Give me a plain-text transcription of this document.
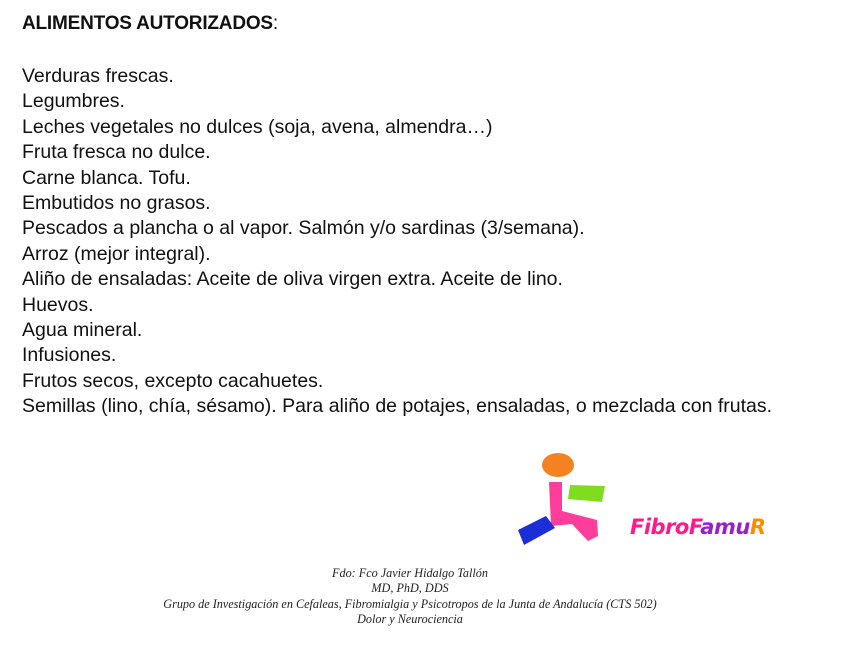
ALIMENTOS AUTORIZADOS:
Verduras frescas.
Legumbres.
Leches vegetales no dulces (soja, avena, almendra…)
Fruta fresca no dulce.
Carne blanca. Tofu.
Embutidos no grasos.
Pescados a plancha o al vapor. Salmón y/o sardinas (3/semana).
Arroz (mejor integral).
Aliño de ensaladas: Aceite de oliva virgen extra. Aceite de lino.
Huevos.
Agua mineral.
Infusiones.
Frutos secos, excepto cacahuetes.
Semillas (lino, chía, sésamo). Para aliño de potajes, ensaladas, o mezclada con frutas.
FibroFamuR
Fdo: Fco Javier Hidalgo Tallón
MD, PhD, DDS
Grupo de Investigación en Cefaleas, Fibromialgia y Psicotropos de la Junta de Andalucía (CTS 502)
Dolor y Neurociencia
